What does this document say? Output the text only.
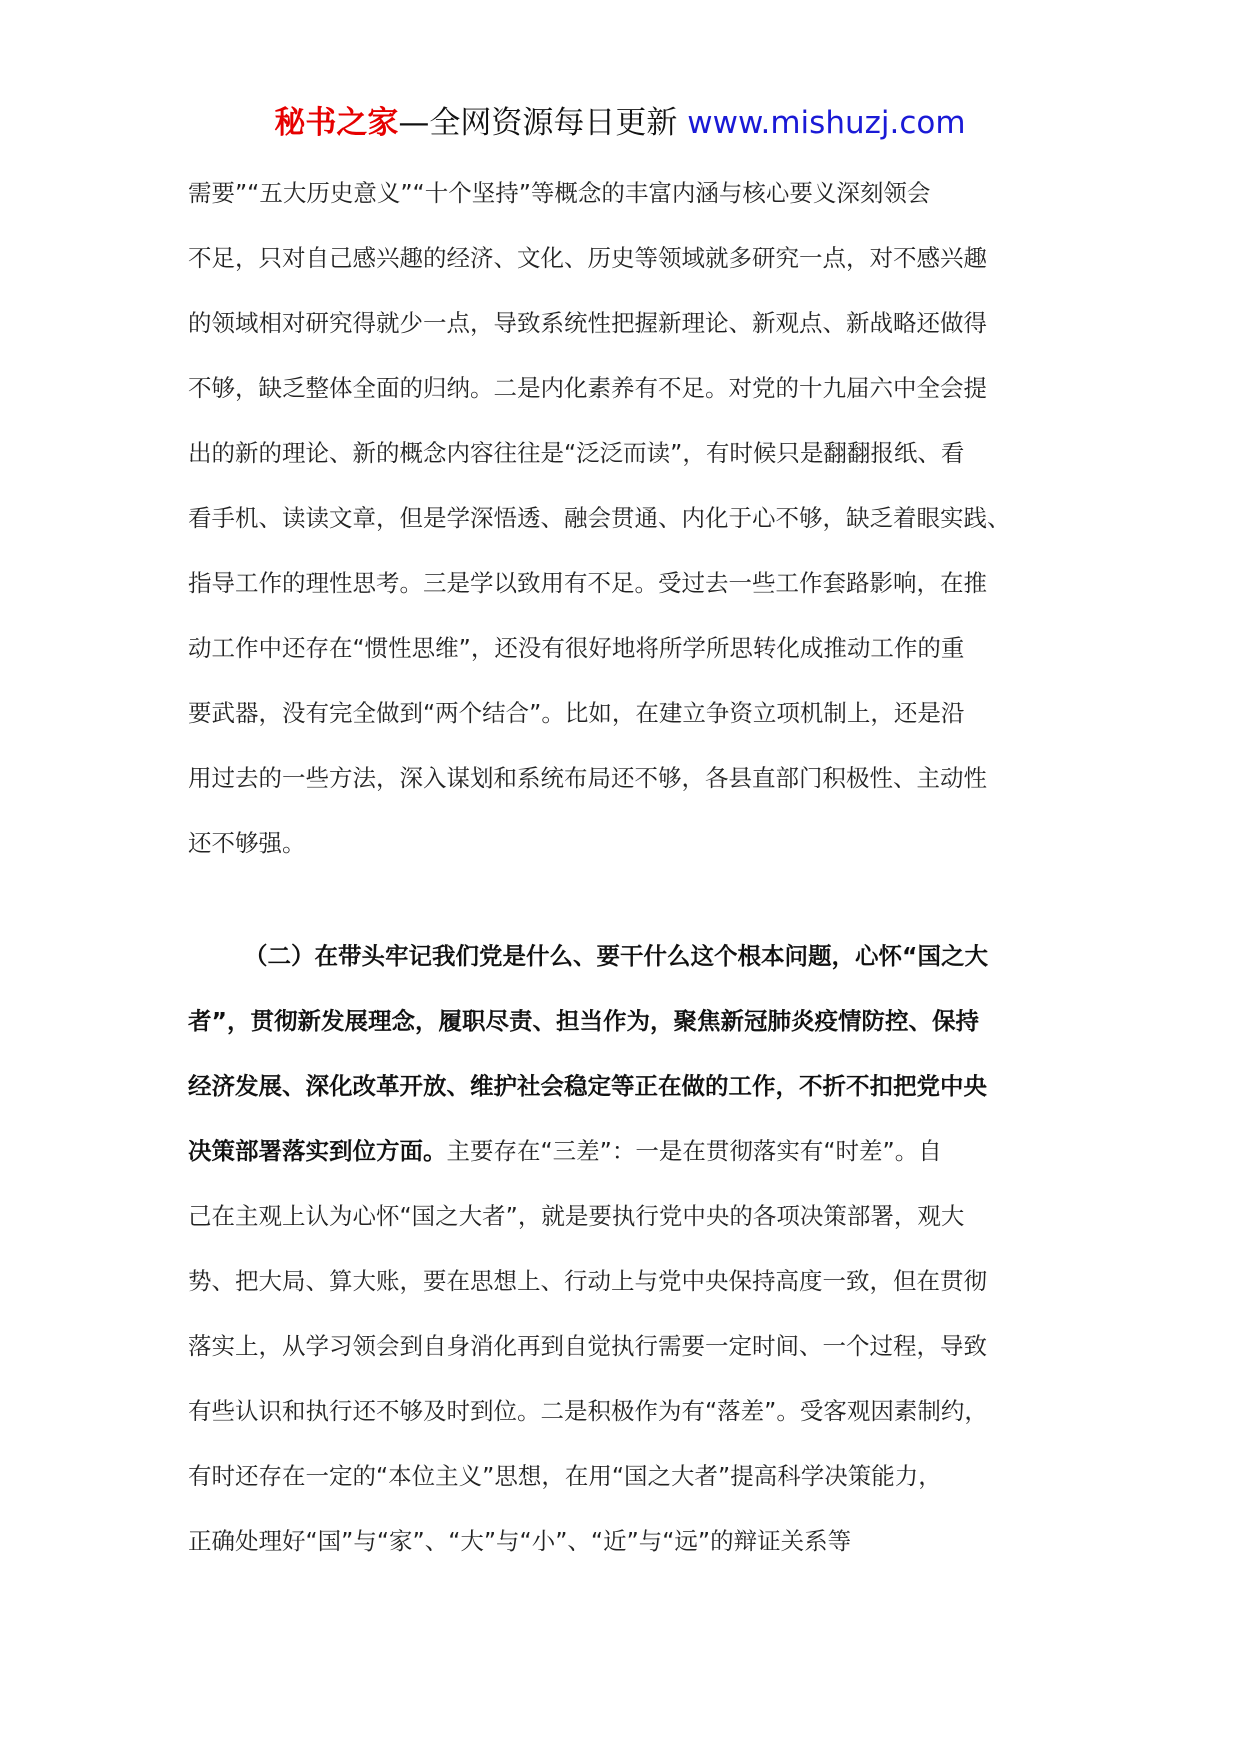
秘书之家—全网资源每日更新 www.mishuzj.com
需要”“五大历史意义”“十个坚持”等概念的丰富内涵与核心要义深刻领会
不足，只对自己感兴趣的经济、文化、历史等领域就多研究一点，对不感兴趣
的领域相对研究得就少一点，导致系统性把握新理论、新观点、新战略还做得
不够，缺乏整体全面的归纳。二是内化素养有不足。对党的十九届六中全会提
出的新的理论、新的概念内容往往是“泛泛而读”，有时候只是翻翻报纸、看
看手机、读读文章，但是学深悟透、融会贯通、内化于心不够，缺乏着眼实践、
指导工作的理性思考。三是学以致用有不足。受过去一些工作套路影响，在推
动工作中还存在“惯性思维”，还没有很好地将所学所思转化成推动工作的重
要武器，没有完全做到“两个结合”。比如，在建立争资立项机制上，还是沿
用过去的一些方法，深入谋划和系统布局还不够，各县直部门积极性、主动性
还不够强。
（二）在带头牢记我们党是什么、要干什么这个根本问题，心怀“国之大
者”，贯彻新发展理念，履职尽责、担当作为，聚焦新冠肺炎疫情防控、保持
经济发展、深化改革开放、维护社会稳定等正在做的工作，不折不扣把党中央
决策部署落实到位方面。主要存在“三差”：一是在贯彻落实有“时差”。自
己在主观上认为心怀“国之大者”，就是要执行党中央的各项决策部署，观大
势、把大局、算大账，要在思想上、行动上与党中央保持高度一致，但在贯彻
落实上，从学习领会到自身消化再到自觉执行需要一定时间、一个过程，导致
有些认识和执行还不够及时到位。二是积极作为有“落差”。受客观因素制约，
有时还存在一定的“本位主义”思想，在用“国之大者”提高科学决策能力，
正确处理好“国”与“家”、“大”与“小”、“近”与“远”的辩证关系等
